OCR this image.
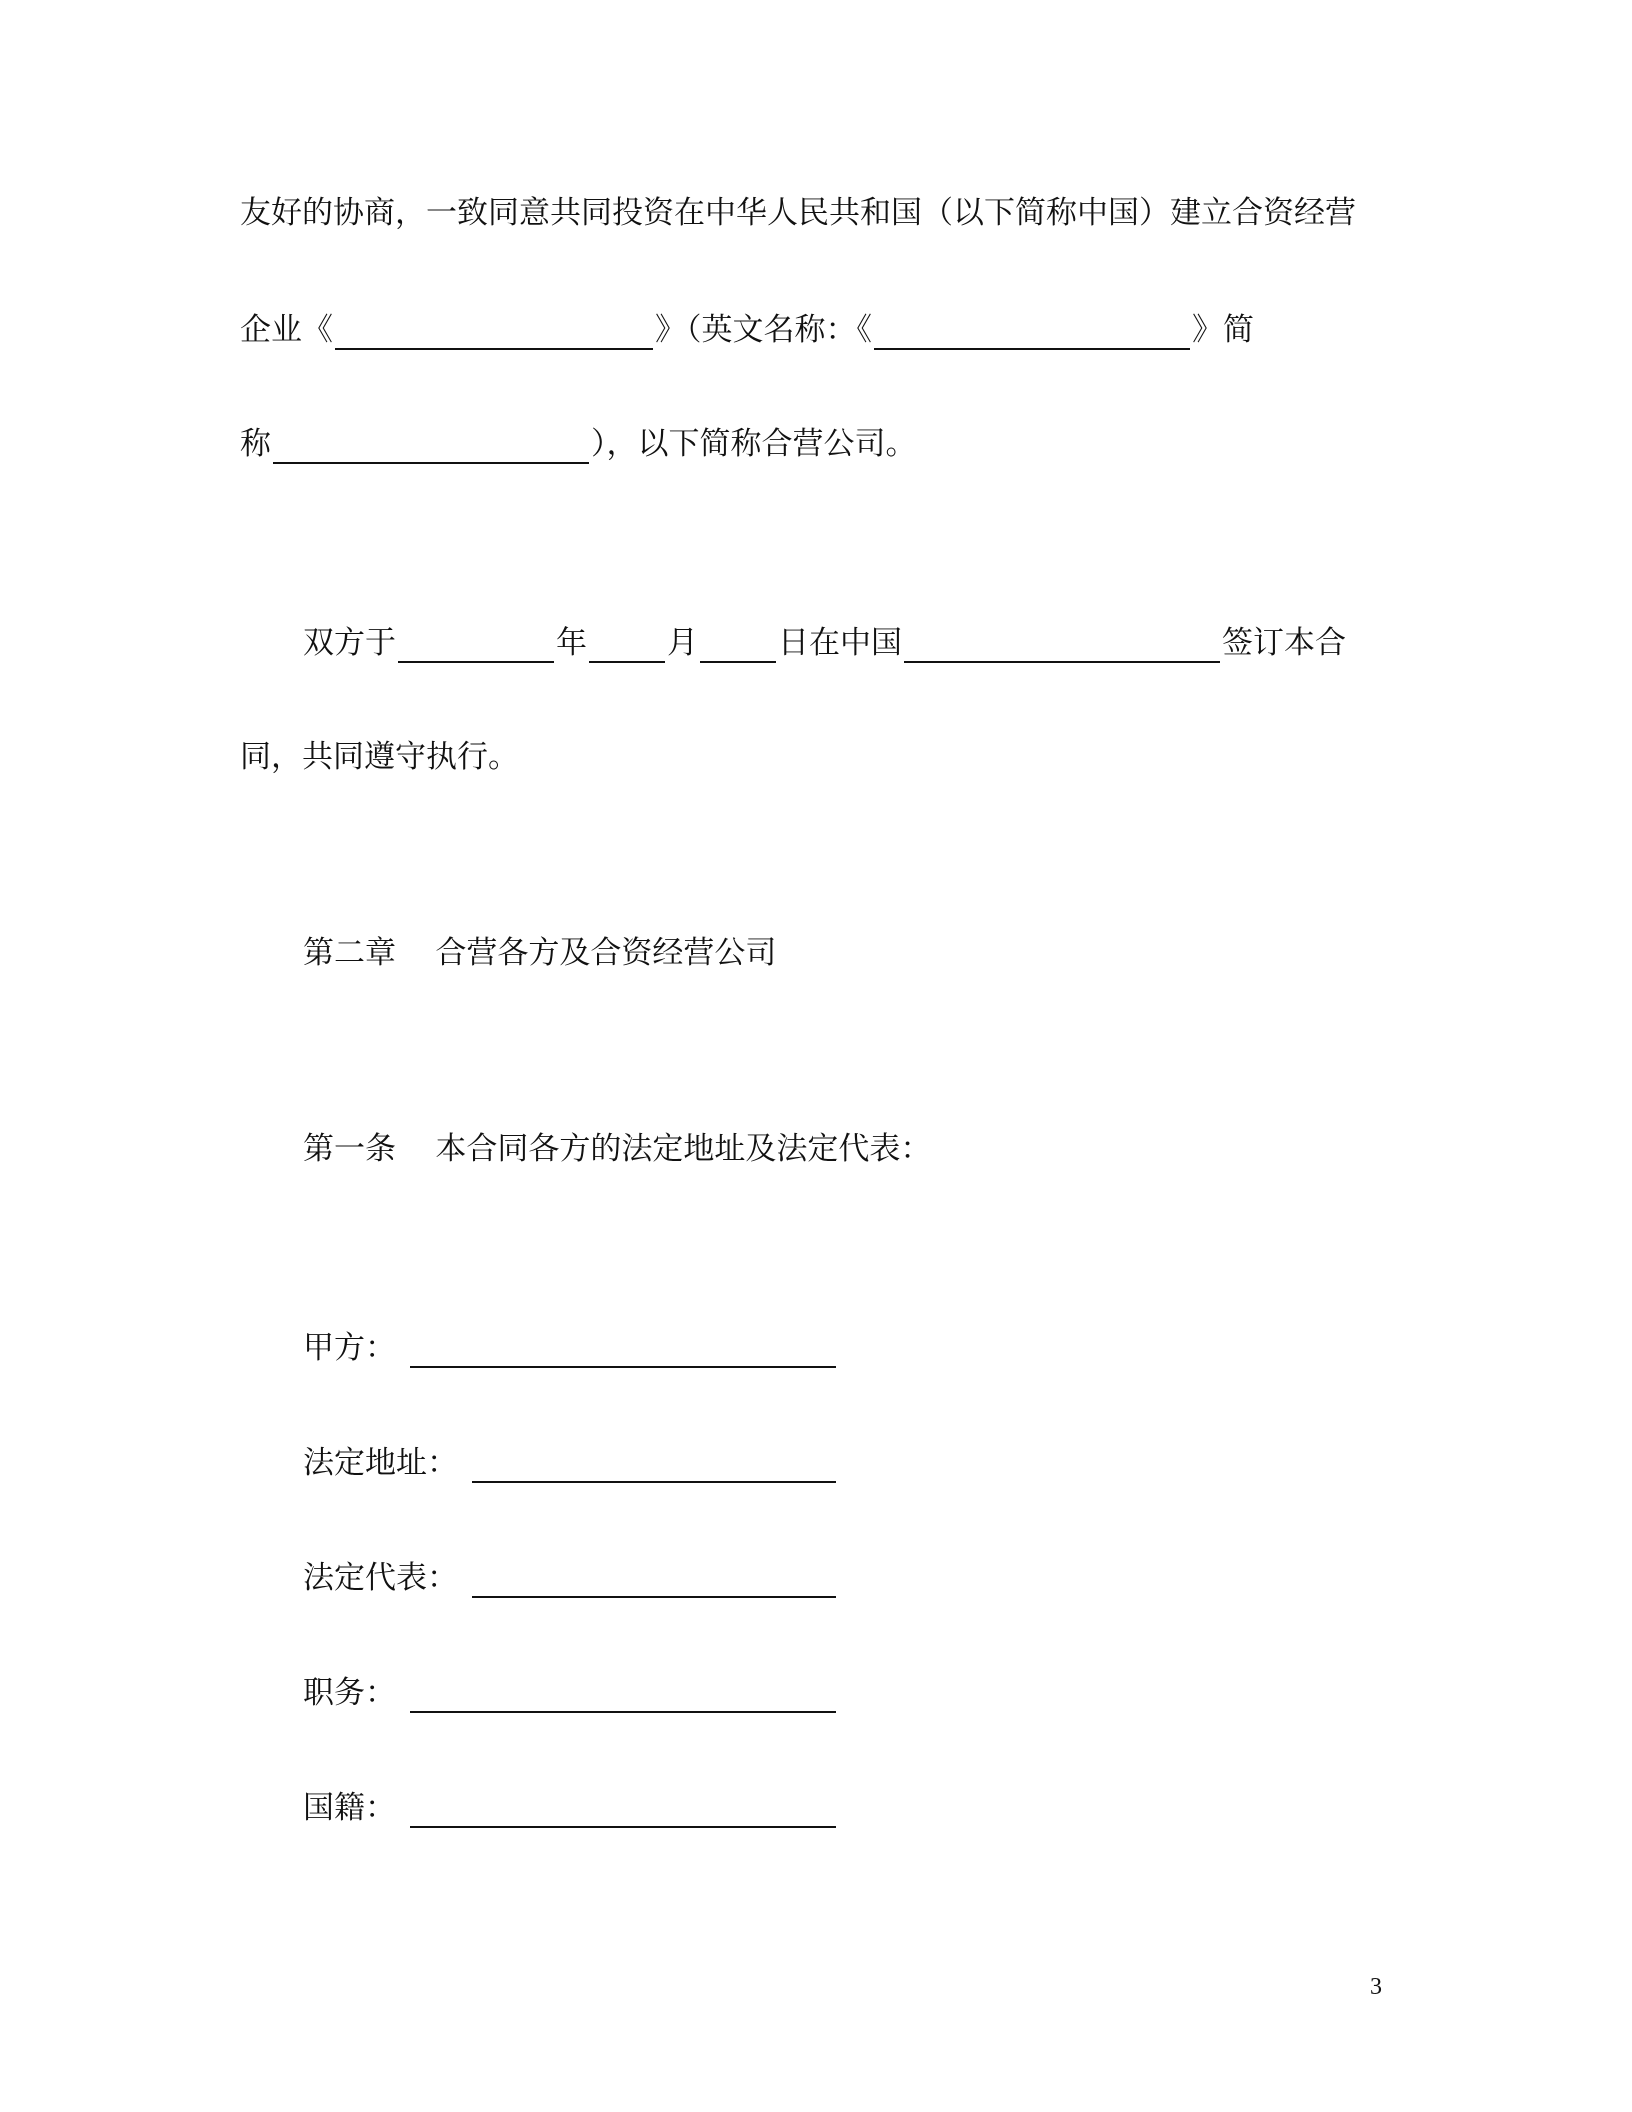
友好的协商，一致同意共同投资在中华人民共和国（以下简称中国）建立合资经营
企业《	》（英文名称：《	》简
称	），以下简称合营公司。
双方于	年	月	日在中国	签订本合
同，共同遵守执行。
第二章    合营各方及合资经营公司
第一条    本合同各方的法定地址及法定代表：
甲方：
法定地址：
法定代表：
职务：
国籍：
3
